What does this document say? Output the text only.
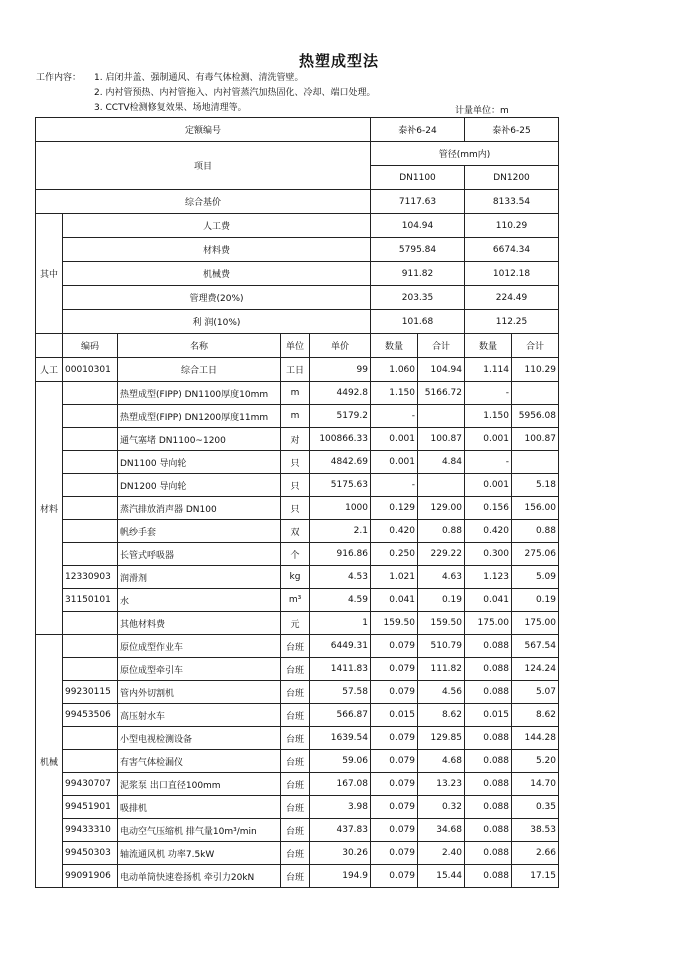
热塑成型法
工作内容： 1. 启闭井盖、强制通风、有毒气体检测、清洗管壁。
2. 内衬管预热、内衬管拖入、内衬管蒸汽加热固化、冷却、端口处理。
3. CCTV检测修复效果、场地清理等。	计量单位：m
定额编号					泰补6-24		泰补6-25	
项目					管径(mm内)			
					DN1100		DN1200	
综合基价					7117.63		8133.54	
其中	人工费				104.94		110.29	
	材料费				5795.84		6674.34	
	机械费				911.82		1012.18	
	管理费(20%)				203.35		224.49	
	利 润(10%)				101.68		112.25	
	编码	名称	单位	单价	数量	合计	数量	合计
人工	00010301	综合工日	工日	99	1.060	104.94	1.114	110.29
材料		热塑成型(FIPP) DN1100厚度10mm	m	4492.8	1.150	5166.72	-	
		热塑成型(FIPP) DN1200厚度11mm	m	5179.2	-		1.150	5956.08
		通气塞堵 DN1100~1200	对	100866.33	0.001	100.87	0.001	100.87
		DN1100 导向轮	只	4842.69	0.001	4.84	-	
		DN1200 导向轮	只	5175.63	-		0.001	5.18
		蒸汽排放消声器 DN100	只	1000	0.129	129.00	0.156	156.00
		帆纱手套	双	2.1	0.420	0.88	0.420	0.88
		长管式呼吸器	个	916.86	0.250	229.22	0.300	275.06
	12330903	润滑剂	kg	4.53	1.021	4.63	1.123	5.09
	31150101	水	m³	4.59	0.041	0.19	0.041	0.19
		其他材料费	元	1	159.50	159.50	175.00	175.00
机械		原位成型作业车	台班	6449.31	0.079	510.79	0.088	567.54
		原位成型牵引车	台班	1411.83	0.079	111.82	0.088	124.24
	99230115	管内外切割机	台班	57.58	0.079	4.56	0.088	5.07
	99453506	高压射水车	台班	566.87	0.015	8.62	0.015	8.62
		小型电视检测设备	台班	1639.54	0.079	129.85	0.088	144.28
		有害气体检漏仪	台班	59.06	0.079	4.68	0.088	5.20
	99430707	泥浆泵 出口直径100mm	台班	167.08	0.079	13.23	0.088	14.70
	99451901	吸排机	台班	3.98	0.079	0.32	0.088	0.35
	99433310	电动空气压缩机 排气量10m³/min	台班	437.83	0.079	34.68	0.088	38.53
	99450303	轴流通风机 功率7.5kW	台班	30.26	0.079	2.40	0.088	2.66
	99091906	电动单筒快速卷扬机 牵引力20kN	台班	194.9	0.079	15.44	0.088	17.15
